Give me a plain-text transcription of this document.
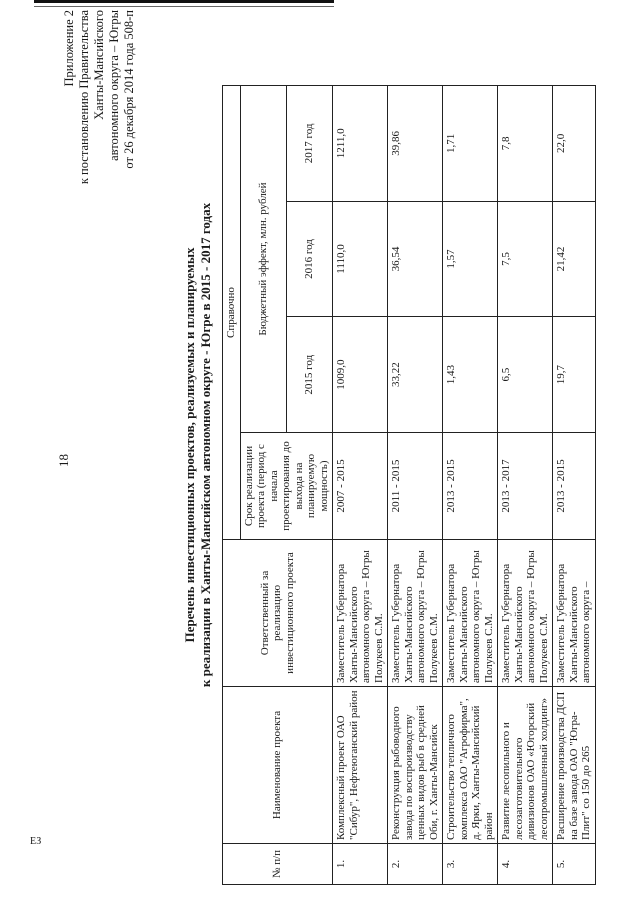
ЕЗ
18
Приложение 2 к постановлению Правительства Ханты-Мансийского автономного округа – Югры от 26 декабря 2014 года 508-п
Перечень инвестиционных проектов, реализуемых и планируемых к реализации в Ханты-Мансийском автономном округе - Югре в 2015 - 2017 годах
№ п/п	Наименование проекта	Ответственный за реализацию инвестиционного проекта	Справочно			
			Срок реализации проекта (период с начала проектирования до выхода на планируемую мощность)	Бюджетный эффект, млн. рублей		
				2015 год	2016 год	2017 год
1.	Комплексный проект ОАО "Сибур", Нефтеюганский район	Заместитель Губернатора Ханты-Мансийского автономного округа – Югры Полукеев С.М.	2007 - 2015	1009,0	1110,0	1211,0
2.	Реконструкция рыбоводного завода по воспроизводству ценных видов рыб в средней Оби, г. Ханты-Мансийск	Заместитель Губернатора Ханты-Мансийского автономного округа – Югры Полукеев С.М.	2011 - 2015	33,22	36,54	39,86
3.	Строительство тепличного комплекса ОАО "Агрофирма", д. Ярки, Ханты-Мансийский район	Заместитель Губернатора Ханты-Мансийского автономного округа – Югры Полукеев С.М.	2013 - 2015	1,43	1,57	1,71
4.	Развитие лесопильного и лесозаготовительного дивизионов ОАО «Югорский лесопромышленный холдинг»	Заместитель Губернатора Ханты-Мансийского автономного округа – Югры Полукеев С.М.	2013 - 2017	6,5	7,5	7,8
5.	Расширение производства ДСП на базе завода ОАО "Югра-Плит" со 150 до 265	Заместитель Губернатора Ханты-Мансийского автономного округа –	2013 - 2015	19,7	21,42	22,0
